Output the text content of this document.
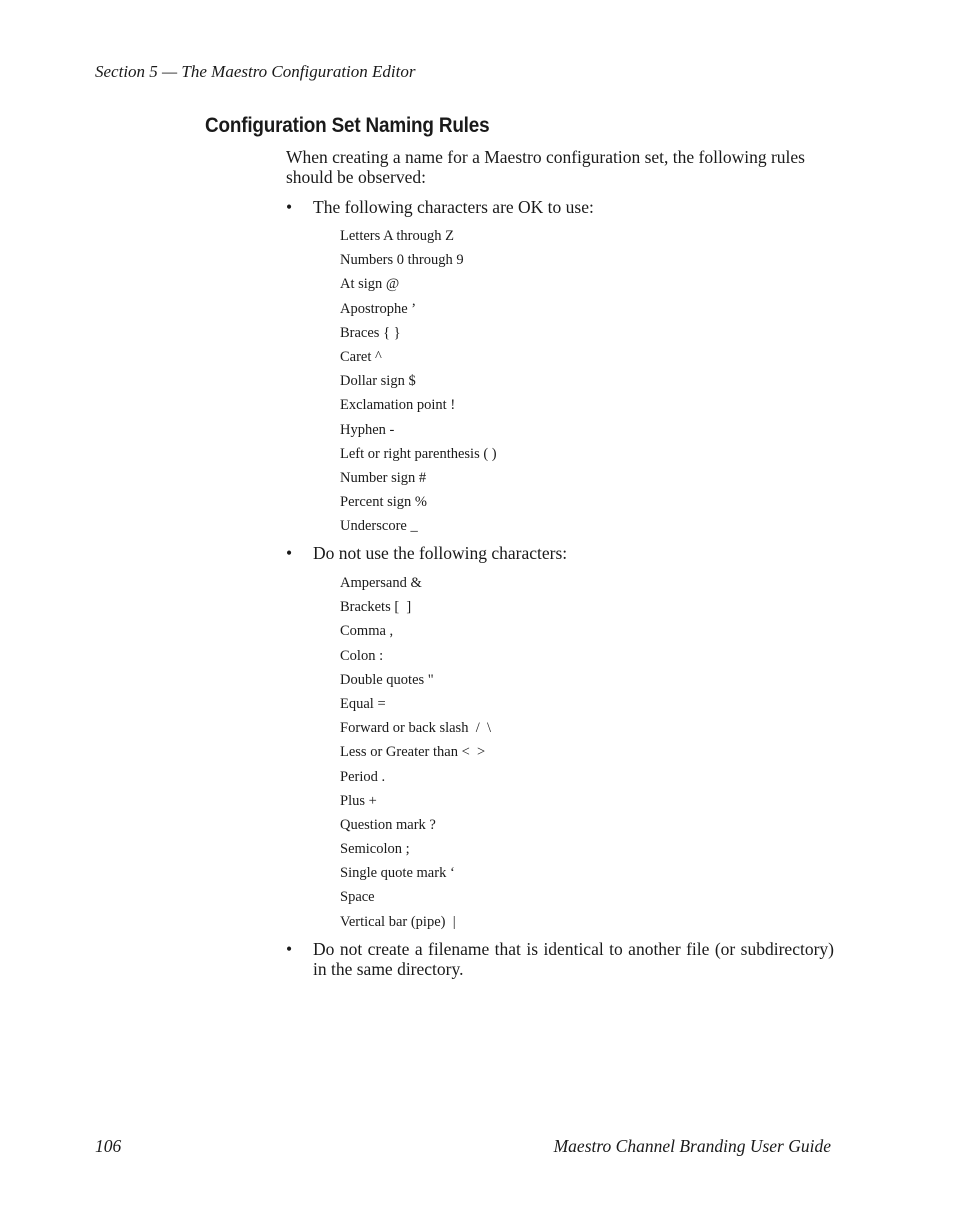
Section 5 — The Maestro Configuration Editor
Configuration Set Naming Rules

When creating a name for a Maestro configuration set, the following rules should be observed:

• The following characters are OK to use:
Letters A through Z
Numbers 0 through 9
At sign @
Apostrophe ’
Braces { }
Caret ^
Dollar sign $
Exclamation point !
Hyphen -
Left or right parenthesis ( )
Number sign #
Percent sign %
Underscore _
• Do not use the following characters:
Ampersand &
Brackets [  ]
Comma ,
Colon :
Double quotes "
Equal =
Forward or back slash  /  \
Less or Greater than <  >
Period .
Plus +
Question mark ?
Semicolon ;
Single quote mark ‘
Space
Vertical bar (pipe)  |
• Do not create a filename that is identical to another file (or subdirectory) in the same directory.
106	Maestro Channel Branding User Guide
